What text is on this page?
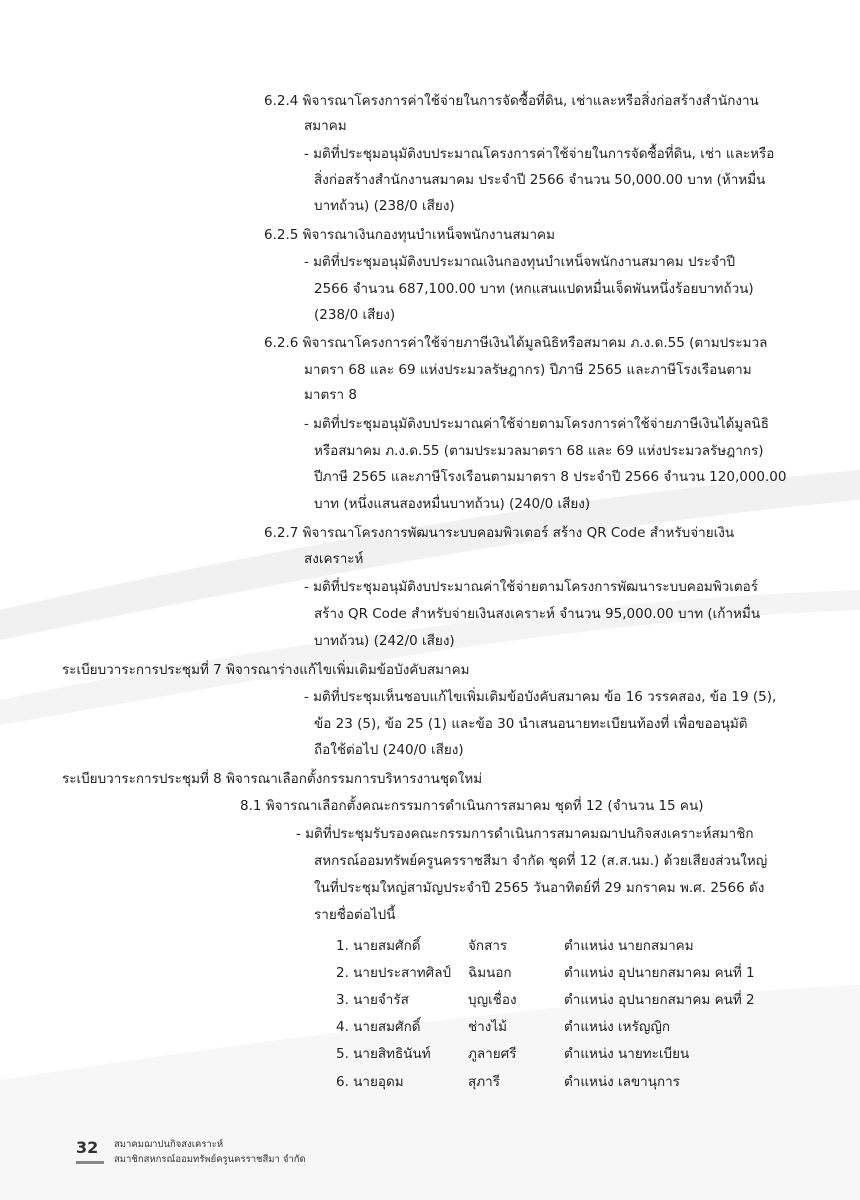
6.2.4 พิจารณาโครงการค่าใช้จ่ายในการจัดซื้อที่ดิน, เช่าและหรือสิ่งก่อสร้างสำนักงาน
สมาคม
- มติที่ประชุมอนุมัติงบประมาณโครงการค่าใช้จ่ายในการจัดซื้อที่ดิน, เช่า และหรือ
สิ่งก่อสร้างสำนักงานสมาคม ประจำปี 2566 จำนวน 50,000.00 บาท (ห้าหมื่น
บาทถ้วน) (238/0 เสียง)
6.2.5 พิจารณาเงินกองทุนบำเหน็จพนักงานสมาคม
- มติที่ประชุมอนุมัติงบประมาณเงินกองทุนบำเหน็จพนักงานสมาคม ประจำปี
2566 จำนวน 687,100.00 บาท (หกแสนแปดหมื่นเจ็ดพันหนึ่งร้อยบาทถ้วน)
(238/0 เสียง)
6.2.6 พิจารณาโครงการค่าใช้จ่ายภาษีเงินได้มูลนิธิหรือสมาคม ภ.ง.ด.55 (ตามประมวล
มาตรา 68 และ 69 แห่งประมวลรัษฎากร) ปีภาษี 2565 และภาษีโรงเรือนตาม
มาตรา 8
- มติที่ประชุมอนุมัติงบประมาณค่าใช้จ่ายตามโครงการค่าใช้จ่ายภาษีเงินได้มูลนิธิ
หรือสมาคม ภ.ง.ด.55 (ตามประมวลมาตรา 68 และ 69 แห่งประมวลรัษฎากร)
ปีภาษี 2565 และภาษีโรงเรือนตามมาตรา 8 ประจำปี 2566 จำนวน 120,000.00
บาท (หนึ่งแสนสองหมื่นบาทถ้วน) (240/0 เสียง)
6.2.7 พิจารณาโครงการพัฒนาระบบคอมพิวเตอร์ สร้าง QR Code สำหรับจ่ายเงิน
สงเคราะห์
- มติที่ประชุมอนุมัติงบประมาณค่าใช้จ่ายตามโครงการพัฒนาระบบคอมพิวเตอร์
สร้าง QR Code สำหรับจ่ายเงินสงเคราะห์ จำนวน 95,000.00 บาท (เก้าหมื่น
บาทถ้วน) (242/0 เสียง)
ระเบียบวาระการประชุมที่ 7 พิจารณาร่างแก้ไขเพิ่มเติมข้อบังคับสมาคม
- มติที่ประชุมเห็นชอบแก้ไขเพิ่มเติมข้อบังคับสมาคม ข้อ 16 วรรคสอง, ข้อ 19 (5),
ข้อ 23 (5), ข้อ 25 (1) และข้อ 30 นำเสนอนายทะเบียนท้องที่ เพื่อขออนุมัติ
ถือใช้ต่อไป (240/0 เสียง)
ระเบียบวาระการประชุมที่ 8 พิจารณาเลือกตั้งกรรมการบริหารงานชุดใหม่
8.1 พิจารณาเลือกตั้งคณะกรรมการดำเนินการสมาคม ชุดที่ 12 (จำนวน 15 คน)
- มติที่ประชุมรับรองคณะกรรมการดำเนินการสมาคมฌาปนกิจสงเคราะห์สมาชิก
สหกรณ์ออมทรัพย์ครูนครราชสีมา จำกัด ชุดที่ 12 (ส.ส.นม.) ด้วยเสียงส่วนใหญ่
ในที่ประชุมใหญ่สามัญประจำปี 2565 วันอาทิตย์ที่ 29 มกราคม พ.ศ. 2566 ดัง
รายชื่อต่อไปนี้
1. นายสมศักดิ์	จักสาร	ตำแหน่ง นายกสมาคม
2. นายประสาทศิลป์ ฉิมนอก	ตำแหน่ง อุปนายกสมาคม คนที่ 1
3. นายจำรัส	บุญเชื่อง	ตำแหน่ง อุปนายกสมาคม คนที่ 2
4. นายสมศักดิ์	ช่างไม้	ตำแหน่ง เหรัญญิก
5. นายสิทธินันท์	ภูลายศรี	ตำแหน่ง นายทะเบียน
6. นายอุดม	สุภารี	ตำแหน่ง เลขานุการ
32 สมาคมฌาปนกิจสงเคราะห์
สมาชิกสหกรณ์ออมทรัพย์ครูนครราชสีมา จำกัด
